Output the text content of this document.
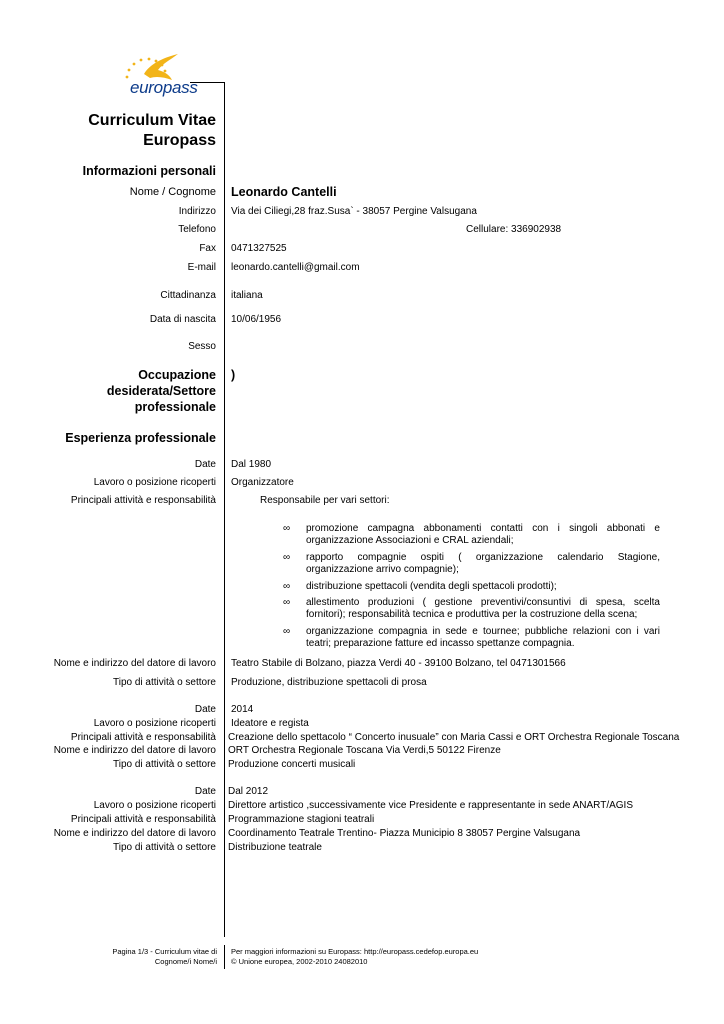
europass
Curriculum Vitae
Europass
Informazioni personali
Nome / Cognome Leonardo Cantelli
Indirizzo Via dei Ciliegi,28 fraz.Susa` - 38057 Pergine Valsugana
Telefono	Cellulare: 336902938
Fax 0471327525
E-mail leonardo.cantelli@gmail.com
Cittadinanza italiana
Data di nascita 10/06/1956
Sesso
Occupazione
desiderata/Settore
professionale
)
Esperienza professionale
Date Dal 1980
Lavoro o posizione ricoperti Organizzatore
Principali attività e responsabilità	Responsabile per vari settori:
∞ promozione campagna abbonamenti contatti con i singoli abbonati e organizzazione Associazioni e CRAL aziendali;
∞ rapporto compagnie ospiti ( organizzazione calendario Stagione, organizzazione arrivo compagnie);
∞ distribuzione spettacoli (vendita degli spettacoli prodotti);
∞ allestimento produzioni ( gestione preventivi/consuntivi di spesa, scelta fornitori); responsabilità tecnica e produttiva per la costruzione della scena;
∞ organizzazione compagnia in sede e tournee; pubbliche relazioni con i vari teatri; preparazione fatture ed incasso spettanze compagnia.
Nome e indirizzo del datore di lavoro Teatro Stabile di Bolzano, piazza Verdi 40 - 39100 Bolzano, tel 0471301566
Tipo di attività o settore Produzione, distribuzione spettacoli di prosa
Date 2014
Lavoro o posizione ricoperti Ideatore e regista
Principali attività e responsabilità Creazione dello spettacolo “ Concerto inusuale” con Maria Cassi e ORT Orchestra Regionale Toscana
Nome e indirizzo del datore di lavoro ORT Orchestra Regionale Toscana Via Verdi,5 50122 Firenze
Tipo di attività o settore Produzione concerti musicali
Date Dal 2012
Lavoro o posizione ricoperti Direttore artistico ,successivamente vice Presidente e rappresentante in sede ANART/AGIS
Principali attività e responsabilità Programmazione stagioni teatrali
Nome e indirizzo del datore di lavoro Coordinamento Teatrale Trentino- Piazza Municipio 8 38057 Pergine Valsugana
Tipo di attività o settore Distribuzione teatrale
Pagina 1/3 - Curriculum vitae di
Cognome/i Nome/i
Per maggiori informazioni su Europass: http://europass.cedefop.europa.eu
© Unione europea, 2002-2010 24082010
